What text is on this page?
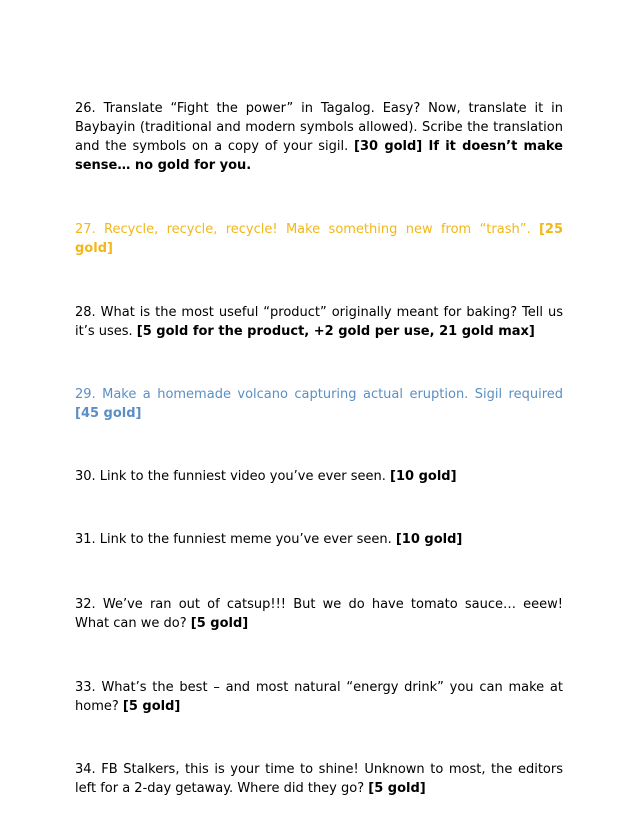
26. Translate “Fight the power” in Tagalog. Easy? Now, translate it in Baybayin (traditional and modern symbols allowed). Scribe the translation and the symbols on a copy of your sigil. [30 gold] If it doesn’t make sense… no gold for you.

27. Recycle, recycle, recycle! Make something new from “trash”. [25 gold]

28. What is the most useful “product” originally meant for baking? Tell us it’s uses. [5 gold for the product, +2 gold per use, 21 gold max]

29. Make a homemade volcano capturing actual eruption. Sigil required [45 gold]

30. Link to the funniest video you’ve ever seen. [10 gold]

31. Link to the funniest meme you’ve ever seen. [10 gold]

32. We’ve ran out of catsup!!! But we do have tomato sauce… eeew! What can we do? [5 gold]

33. What’s the best – and most natural “energy drink” you can make at home? [5 gold]

34. FB Stalkers, this is your time to shine! Unknown to most, the editors left for a 2-day getaway. Where did they go? [5 gold]
